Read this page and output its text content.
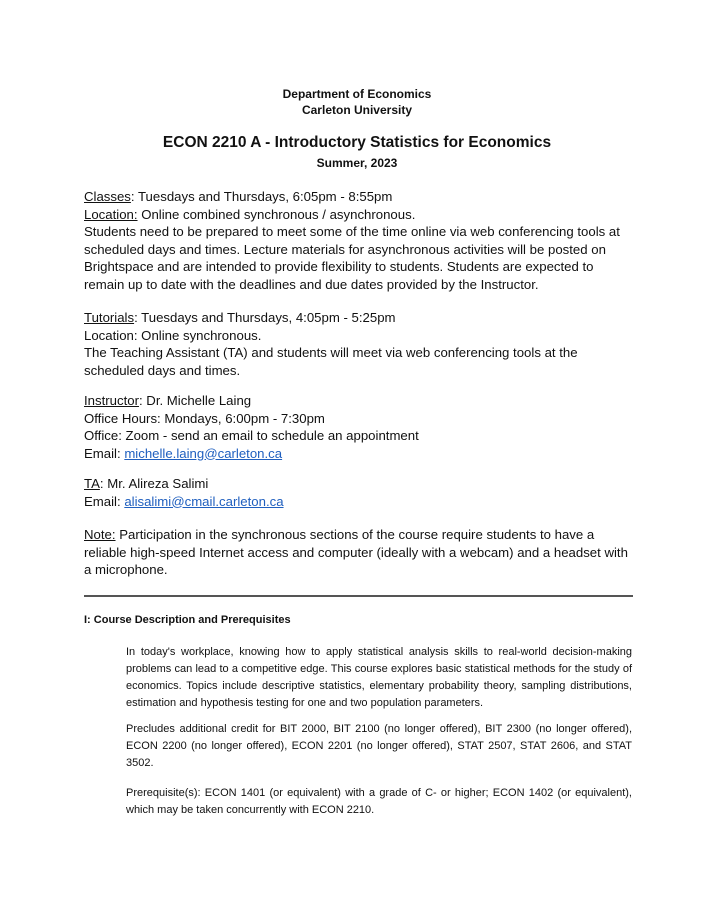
Department of Economics
Carleton University
ECON 2210 A - Introductory Statistics for Economics
Summer, 2023
Classes: Tuesdays and Thursdays, 6:05pm - 8:55pm
Location: Online combined synchronous / asynchronous.
Students need to be prepared to meet some of the time online via web conferencing tools at scheduled days and times. Lecture materials for asynchronous activities will be posted on Brightspace and are intended to provide flexibility to students. Students are expected to remain up to date with the deadlines and due dates provided by the Instructor.
Tutorials: Tuesdays and Thursdays, 4:05pm - 5:25pm
Location: Online synchronous.
The Teaching Assistant (TA) and students will meet via web conferencing tools at the scheduled days and times.
Instructor: Dr. Michelle Laing
Office Hours: Mondays, 6:00pm - 7:30pm
Office: Zoom - send an email to schedule an appointment
Email: michelle.laing@carleton.ca
TA: Mr. Alireza Salimi
Email: alisalimi@cmail.carleton.ca
Note: Participation in the synchronous sections of the course require students to have a reliable high-speed Internet access and computer (ideally with a webcam) and a headset with a microphone.
I: Course Description and Prerequisites

In today's workplace, knowing how to apply statistical analysis skills to real-world decision-making problems can lead to a competitive edge. This course explores basic statistical methods for the study of economics. Topics include descriptive statistics, elementary probability theory, sampling distributions, estimation and hypothesis testing for one and two population parameters.

Precludes additional credit for BIT 2000, BIT 2100 (no longer offered), BIT 2300 (no longer offered), ECON 2200 (no longer offered), ECON 2201 (no longer offered), STAT 2507, STAT 2606, and STAT 3502.

Prerequisite(s): ECON 1401 (or equivalent) with a grade of C- or higher; ECON 1402 (or equivalent), which may be taken concurrently with ECON 2210.
